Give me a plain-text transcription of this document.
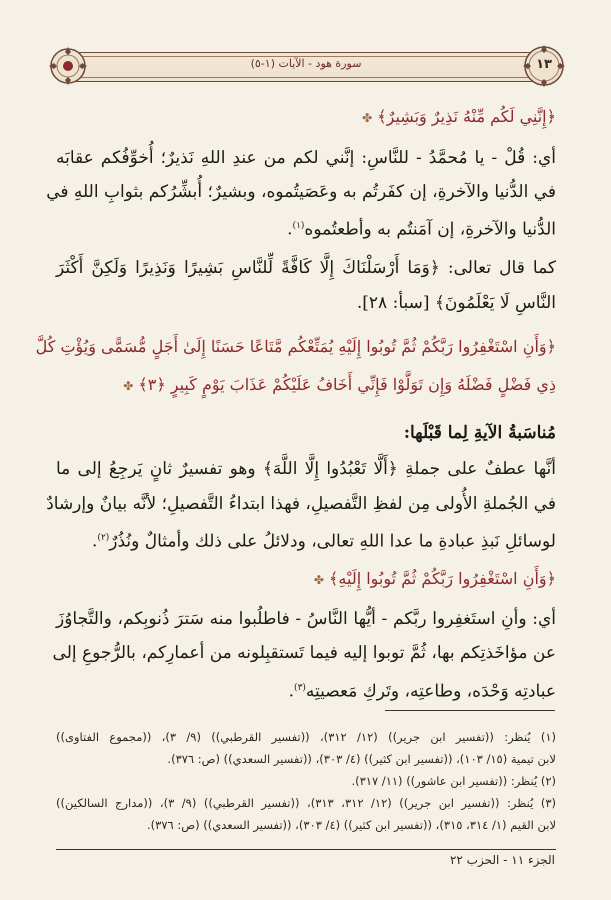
سورة هود - الآيات (١-٥)	١٣
﴿إِنَّنِي لَكُم مِّنْهُ نَذِيرٌ وَبَشِيرٌ﴾ ✤
أي: قُلْ - يا مُحمَّدُ - للنَّاسِ: إنَّني لكم من عندِ اللهِ نَذيرٌ؛ أُخوِّفُكم عقابَه
في الدُّنيا والآخرةِ، إن كفَرتُم به وعَصَيتُموه، وبشيرٌ؛ أُبشِّرُكم بثوابِ اللهِ في
الدُّنيا والآخرةِ، إن آمَنتُم به وأطعتُموه$^{(١)}$.
كما قال تعالى: ﴿وَمَا أَرْسَلْنَاكَ إِلَّا كَافَّةً لِّلنَّاسِ بَشِيرًا وَنَذِيرًا وَلَكِنَّ أَكْثَرَ
النَّاسِ لَا يَعْلَمُونَ﴾ [سبأ: ٢٨].
﴿وَأَنِ اسْتَغْفِرُوا رَبَّكُمْ ثُمَّ تُوبُوا إِلَيْهِ يُمَتِّعْكُم مَّتَاعًا حَسَنًا إِلَىٰ أَجَلٍ مُّسَمًّى وَيُؤْتِ كُلَّ
ذِي فَضْلٍ فَضْلَهُ وَإِن تَوَلَّوْا فَإِنِّي أَخَافُ عَلَيْكُمْ عَذَابَ يَوْمٍ كَبِيرٍ ﴿٣﴾ ✤
مُناسَبةُ الآيةِ لِما قَبْلَها:
أنَّها عطفٌ على جملةِ ﴿أَلَّا تَعْبُدُوا إِلَّا اللَّهَ﴾ وهو تفسيرٌ ثانٍ يَرجِعُ إلى ما
في الجُملةِ الأُولى مِن لفظِ التَّفصيلِ، فهذا ابتداءُ التَّفصيلِ؛ لأنَّه بيانٌ وإرشادٌ
لوسائلِ نَبذِ عبادةِ ما عدا اللهِ تعالى، ودلائلُ على ذلك وأمثالٌ ونُذُرٌ$^{(٢)}$.
﴿وَأَنِ اسْتَغْفِرُوا رَبَّكُمْ ثُمَّ تُوبُوا إِلَيْهِ﴾ ✤
أي: وأنِ استَغفِروا ربَّكم - أيُّها النَّاسُ - فاطلُبوا منه سَترَ ذُنوبِكم، والتَّجاوُزَ
عن مؤاخَذتِكم بها، ثُمَّ توبوا إليه فيما تَستقبِلونه من أعمارِكم، بالرُّجوعِ إلى
عبادتِه وَحْدَه، وطاعتِه، وتَركِ مَعصيتِه$^{(٣)}$.
(١) يُنظر: ((تفسير ابن جرير)) (١٢/ ٣١٢)، ((تفسير القرطبي)) (٩/ ٣)، ((مجموع الفتاوى))
لابن تيمية (١٥/ ١٠٣)، ((تفسير ابن كثير)) (٤/ ٣٠٣)، ((تفسير السعدي)) (ص: ٣٧٦).
(٢) يُنظر: ((تفسير ابن عاشور)) (١١/ ٣١٧).
(٣) يُنظر: ((تفسير ابن جرير)) (١٢/ ٣١٢، ٣١٣)، ((تفسير القرطبي)) (٩/ ٣)، ((مدارج السالكين))
لابن القيم (١/ ٣١٤، ٣١٥)، ((تفسير ابن كثير)) (٤/ ٣٠٣)، ((تفسير السعدي)) (ص: ٣٧٦).
الجزء ١١ - الحزب ٢٢
